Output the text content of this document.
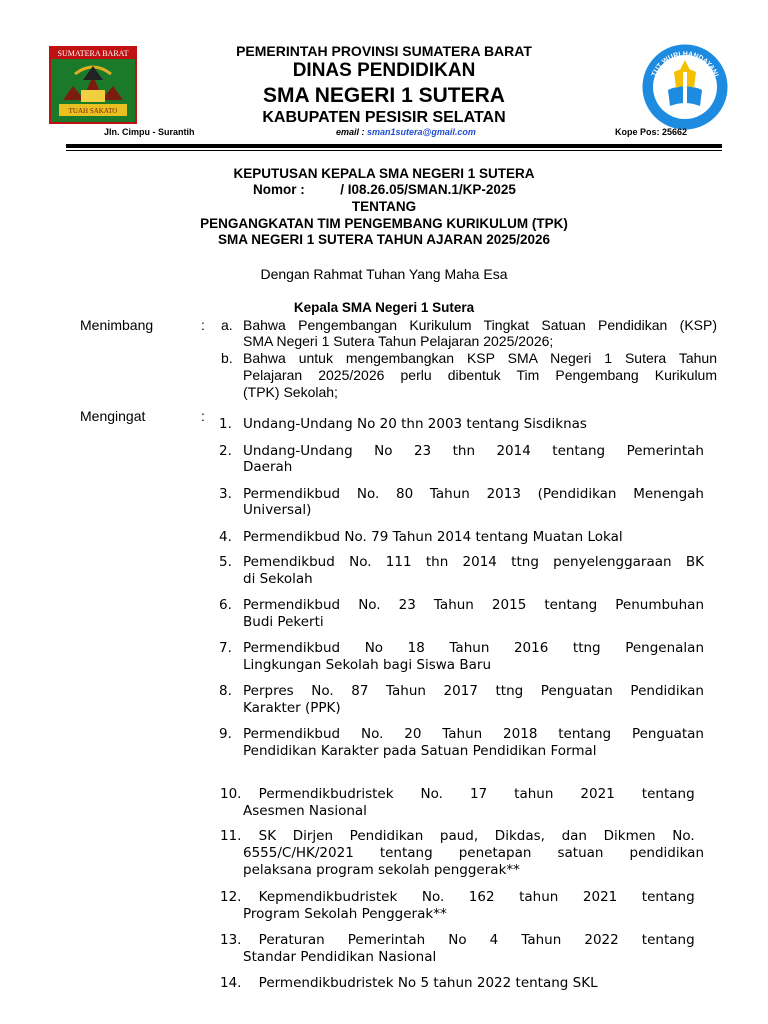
SUMATERA BARAT
TUAH SAKATO
TUT WURI HANDAYANI
PEMERINTAH PROVINSI SUMATERA BARAT
DINAS PENDIDIKAN
SMA NEGERI 1 SUTERA
KABUPATEN PESISIR SELATAN
Jln. Cimpu - Surantih	email : sman1sutera@gmail.com	Kope Pos: 25662
KEPUTUSAN KEPALA SMA NEGERI 1 SUTERA
Nomor :	/ I08.26.05/SMAN.1/KP-2025
TENTANG
PENGANGKATAN TIM PENGEMBANG KURIKULUM (TPK)
SMA NEGERI 1 SUTERA TAHUN AJARAN 2025/2026
Dengan Rahmat Tuhan Yang Maha Esa
Kepala SMA Negeri 1 Sutera
Menimbang	: a. Bahwa Pengembangan Kurikulum Tingkat Satuan Pendidikan (KSP)
SMA Negeri 1 Sutera Tahun Pelajaran 2025/2026;
b. Bahwa untuk mengembangkan KSP SMA Negeri 1 Sutera Tahun
Pelajaran 2025/2026 perlu dibentuk Tim Pengembang Kurikulum
(TPK) Sekolah;
Mengingat	: 1. Undang-Undang No 20 thn 2003 tentang Sisdiknas
2. Undang-Undang No 23 thn 2014 tentang Pemerintah
Daerah
3. Permendikbud No. 80 Tahun 2013 (Pendidikan Menengah
Universal)
4. Permendikbud No. 79 Tahun 2014 tentang Muatan Lokal
5. Pemendikbud No. 111 thn 2014 ttng penyelenggaraan BK
di Sekolah
6. Permendikbud No. 23 Tahun 2015 tentang Penumbuhan
Budi Pekerti
7. Permendikbud No 18 Tahun 2016 ttng Pengenalan
Lingkungan Sekolah bagi Siswa Baru
8. Perpres No. 87 Tahun 2017 ttng Penguatan Pendidikan
Karakter (PPK)
9. Permendikbud No. 20 Tahun 2018 tentang Penguatan
Pendidikan Karakter pada Satuan Pendidikan Formal
10. Permendikbudristek No. 17 tahun 2021 tentang
Asesmen Nasional
11. SK Dirjen Pendidikan paud, Dikdas, dan Dikmen No.
6555/C/HK/2021 tentang penetapan satuan pendidikan
pelaksana program sekolah penggerak**
12. Kepmendikbudristek No. 162 tahun 2021 tentang
Program Sekolah Penggerak**
13. Peraturan Pemerintah No 4 Tahun 2022 tentang
Standar Pendidikan Nasional
14. Permendikbudristek No 5 tahun 2022 tentang SKL
